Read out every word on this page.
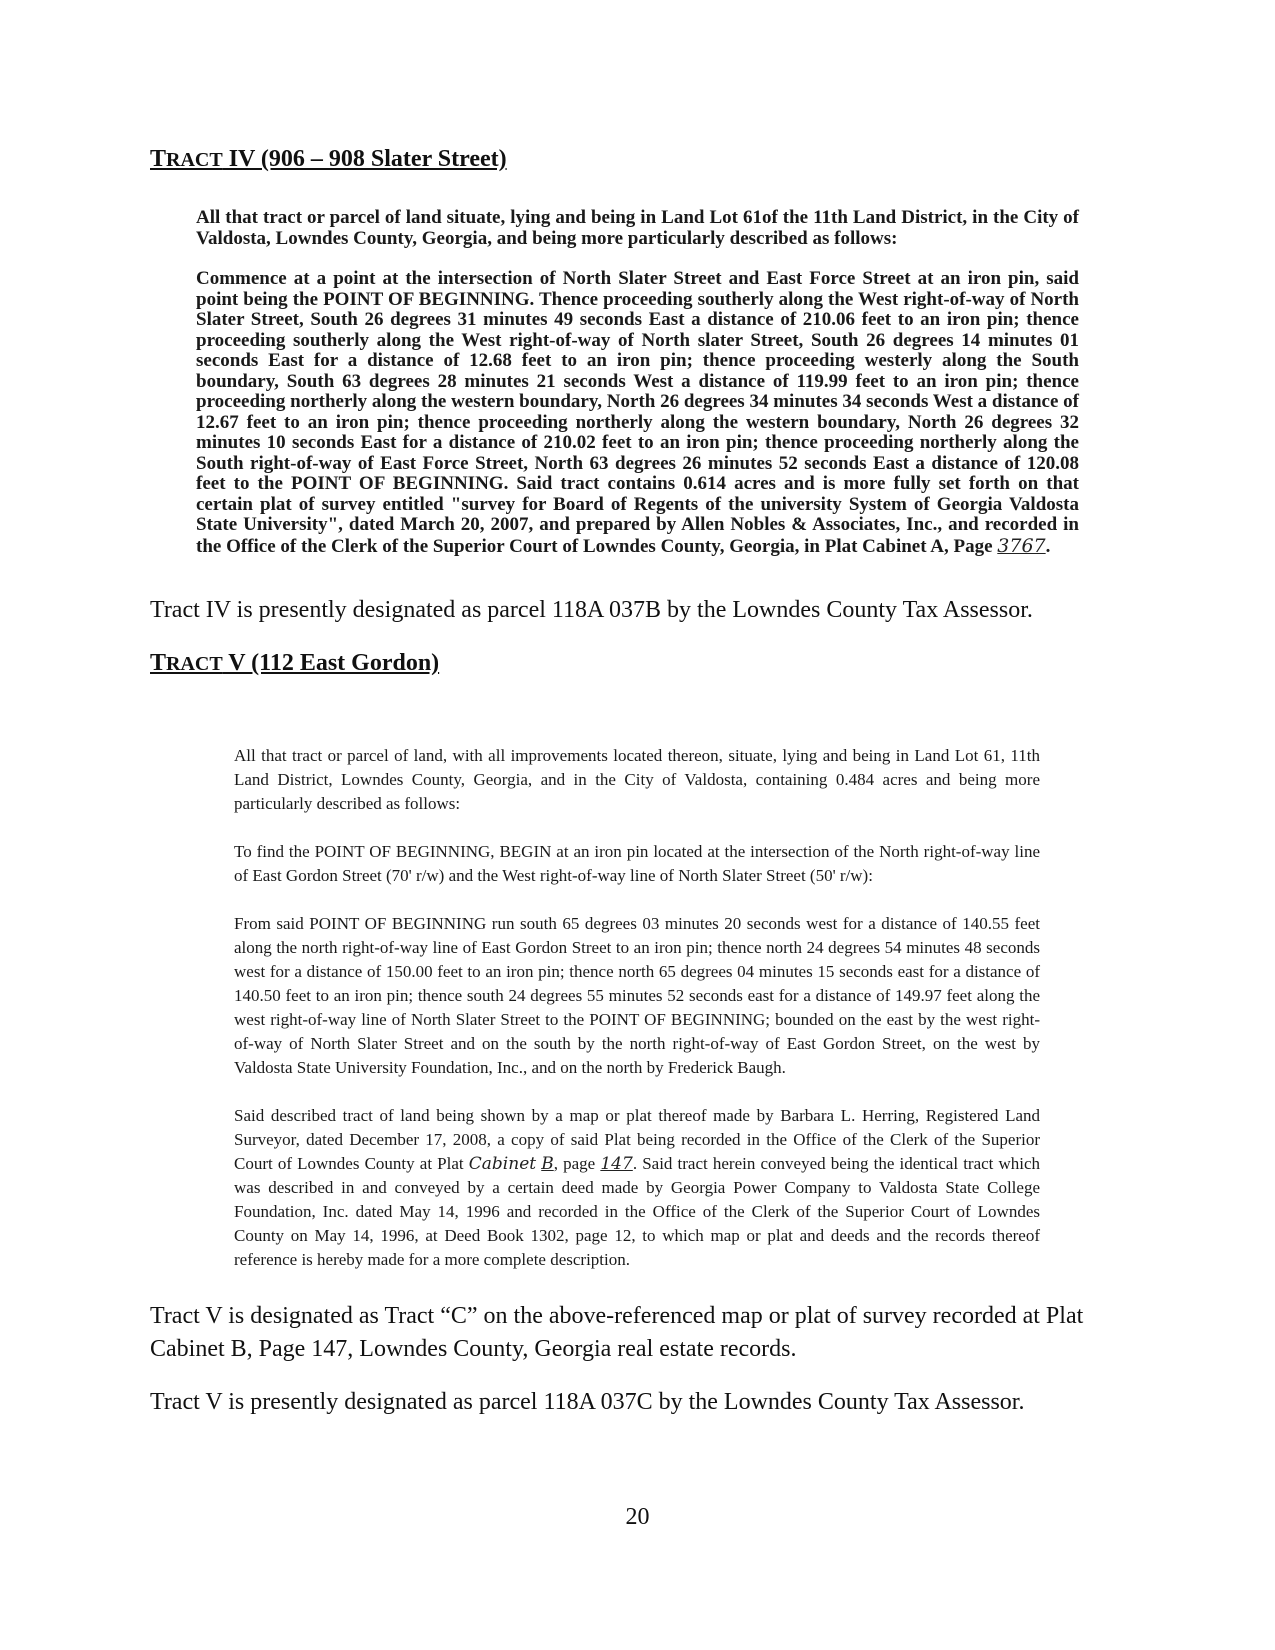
TRACT IV (906 – 908 Slater Street)

All that tract or parcel of land situate, lying and being in Land Lot 61of the 11th Land District, in the City of Valdosta, Lowndes County, Georgia, and being more particularly described as follows:

Commence at a point at the intersection of North Slater Street and East Force Street at an iron pin, said point being the POINT OF BEGINNING. Thence proceeding southerly along the West right-of-way of North Slater Street, South 26 degrees 31 minutes 49 seconds East a distance of 210.06 feet to an iron pin; thence proceeding southerly along the West right-of-way of North slater Street, South 26 degrees 14 minutes 01 seconds East for a distance of 12.68 feet to an iron pin; thence proceeding westerly along the South boundary, South 63 degrees 28 minutes 21 seconds West a distance of 119.99 feet to an iron pin; thence proceeding northerly along the western boundary, North 26 degrees 34 minutes 34 seconds West a distance of 12.67 feet to an iron pin; thence proceeding northerly along the western boundary, North 26 degrees 32 minutes 10 seconds East for a distance of 210.02 feet to an iron pin; thence proceeding northerly along the South right-of-way of East Force Street, North 63 degrees 26 minutes 52 seconds East a distance of 120.08 feet to the POINT OF BEGINNING. Said tract contains 0.614 acres and is more fully set forth on that certain plat of survey entitled "survey for Board of Regents of the university System of Georgia Valdosta State University", dated March 20, 2007, and prepared by Allen Nobles & Associates, Inc., and recorded in the Office of the Clerk of the Superior Court of Lowndes County, Georgia, in Plat Cabinet A, Page 3767.

Tract IV is presently designated as parcel 118A 037B by the Lowndes County Tax Assessor.
TRACT V (112 East Gordon)

All that tract or parcel of land, with all improvements located thereon, situate, lying and being in Land Lot 61, 11th Land District, Lowndes County, Georgia, and in the City of Valdosta, containing 0.484 acres and being more particularly described as follows:

To find the POINT OF BEGINNING, BEGIN at an iron pin located at the intersection of the North right-of-way line of East Gordon Street (70' r/w) and the West right-of-way line of North Slater Street (50' r/w):

From said POINT OF BEGINNING run south 65 degrees 03 minutes 20 seconds west for a distance of 140.55 feet along the north right-of-way line of East Gordon Street to an iron pin; thence north 24 degrees 54 minutes 48 seconds west for a distance of 150.00 feet to an iron pin; thence north 65 degrees 04 minutes 15 seconds east for a distance of 140.50 feet to an iron pin; thence south 24 degrees 55 minutes 52 seconds east for a distance of 149.97 feet along the west right-of-way line of North Slater Street to the POINT OF BEGINNING; bounded on the east by the west right-of-way of North Slater Street and on the south by the north right-of-way of East Gordon Street, on the west by Valdosta State University Foundation, Inc., and on the north by Frederick Baugh.

Said described tract of land being shown by a map or plat thereof made by Barbara L. Herring, Registered Land Surveyor, dated December 17, 2008, a copy of said Plat being recorded in the Office of the Clerk of the Superior Court of Lowndes County at Plat Cabinet B, page 147. Said tract herein conveyed being the identical tract which was described in and conveyed by a certain deed made by Georgia Power Company to Valdosta State College Foundation, Inc. dated May 14, 1996 and recorded in the Office of the Clerk of the Superior Court of Lowndes County on May 14, 1996, at Deed Book 1302, page 12, to which map or plat and deeds and the records thereof reference is hereby made for a more complete description.

Tract V is designated as Tract “C” on the above-referenced map or plat of survey recorded at Plat Cabinet B, Page 147, Lowndes County, Georgia real estate records.
Tract V is presently designated as parcel 118A 037C by the Lowndes County Tax Assessor.
20
